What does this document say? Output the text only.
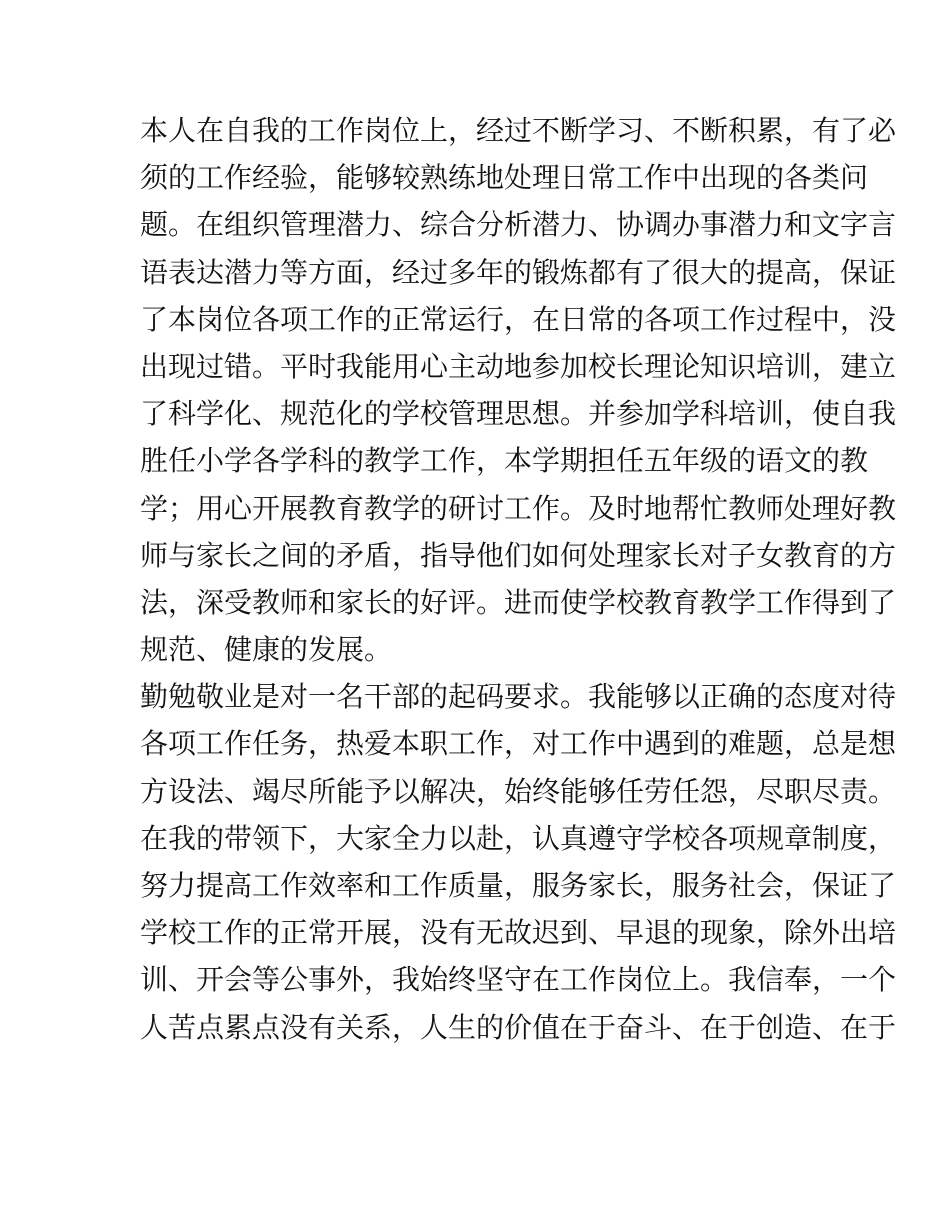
本人在自我的工作岗位上，经过不断学习、不断积累，有了必
须的工作经验，能够较熟练地处理日常工作中出现的各类问
题。在组织管理潜力、综合分析潜力、协调办事潜力和文字言
语表达潜力等方面，经过多年的锻炼都有了很大的提高，保证
了本岗位各项工作的正常运行，在日常的各项工作过程中，没
出现过错。平时我能用心主动地参加校长理论知识培训，建立
了科学化、规范化的学校管理思想。并参加学科培训，使自我
胜任小学各学科的教学工作，本学期担任五年级的语文的教
学；用心开展教育教学的研讨工作。及时地帮忙教师处理好教
师与家长之间的矛盾，指导他们如何处理家长对子女教育的方
法，深受教师和家长的好评。进而使学校教育教学工作得到了
规范、健康的发展。
勤勉敬业是对一名干部的起码要求。我能够以正确的态度对待
各项工作任务，热爱本职工作，对工作中遇到的难题，总是想
方设法、竭尽所能予以解决，始终能够任劳任怨，尽职尽责。
在我的带领下，大家全力以赴，认真遵守学校各项规章制度，
努力提高工作效率和工作质量，服务家长，服务社会，保证了
学校工作的正常开展，没有无故迟到、早退的现象，除外出培
训、开会等公事外，我始终坚守在工作岗位上。我信奉，一个
人苦点累点没有关系，人生的价值在于奋斗、在于创造、在于
